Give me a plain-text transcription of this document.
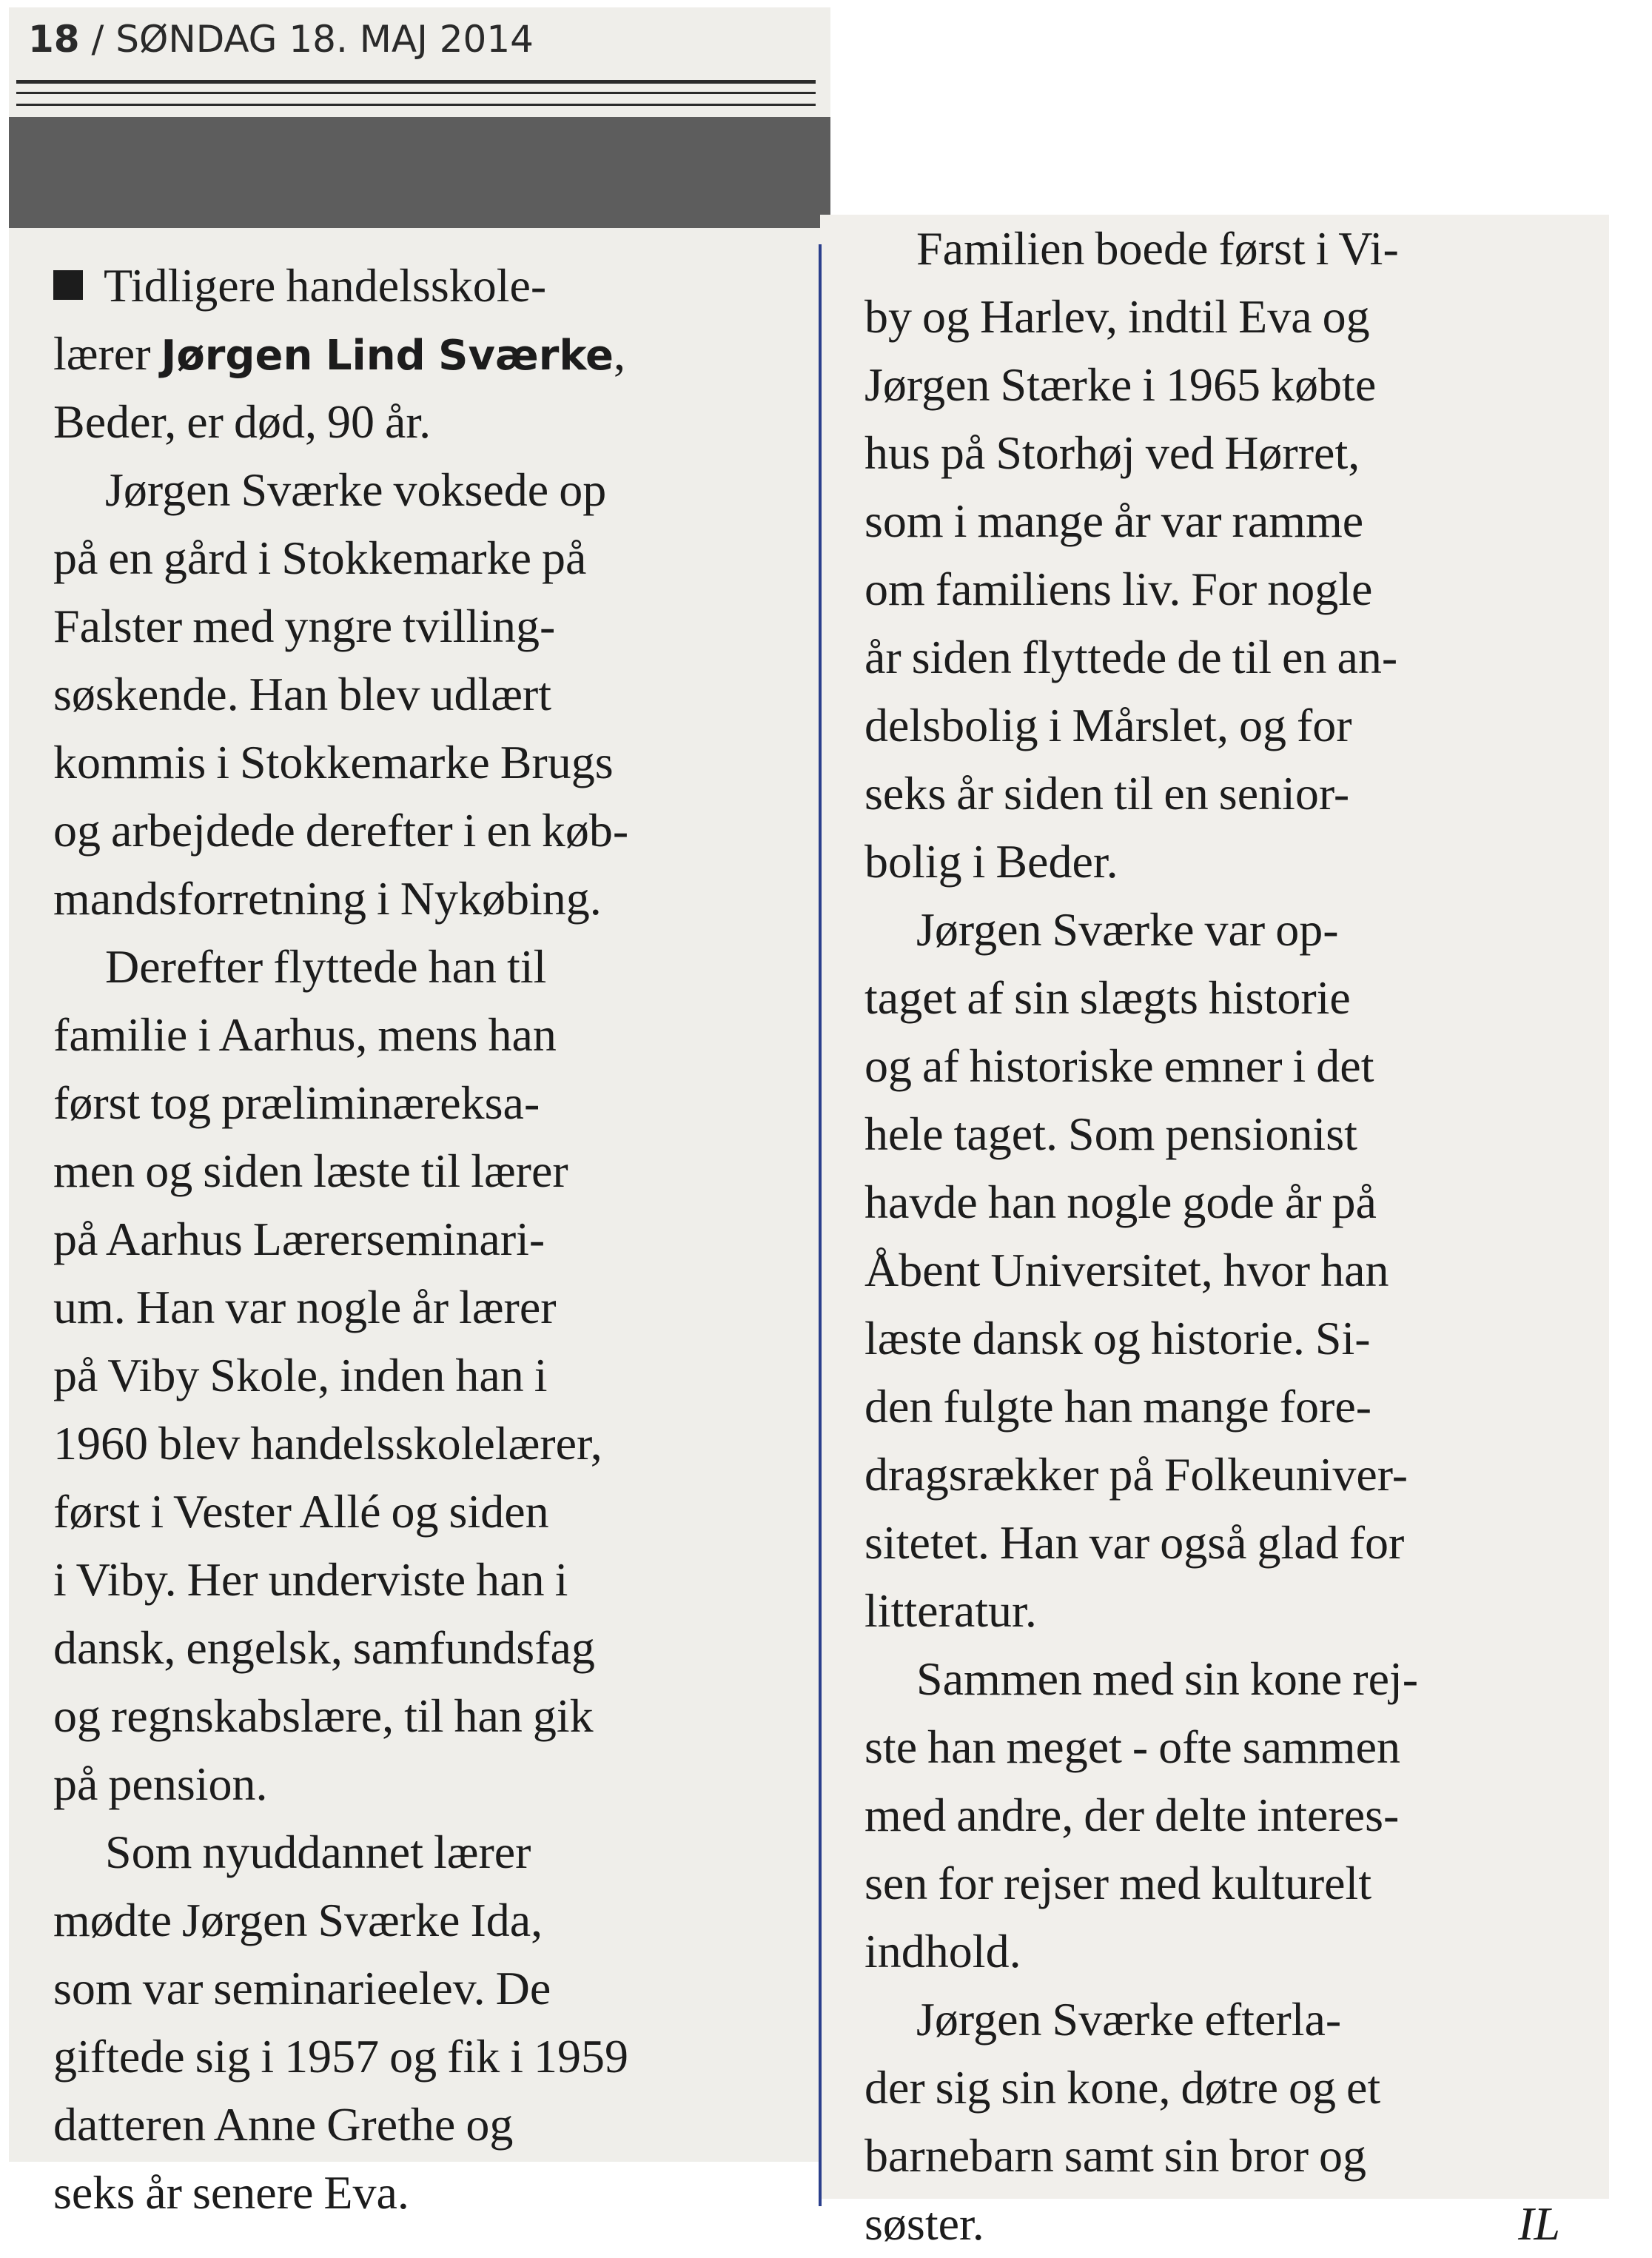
18 / SØNDAG 18. MAJ 2014
Tidligere handelsskole-
lærer Jørgen Lind Sværke,
Beder, er død, 90 år.
Jørgen Sværke voksede op
på en gård i Stokkemarke på
Falster med yngre tvilling-
søskende. Han blev udlært
kommis i Stokkemarke Brugs
og arbejdede derefter i en køb-
mandsforretning i Nykøbing.
Derefter flyttede han til
familie i Aarhus, mens han
først tog præliminæreksa-
men og siden læste til lærer
på Aarhus Lærerseminari-
um. Han var nogle år lærer
på Viby Skole, inden han i
1960 blev handelsskolelærer,
først i Vester Allé og siden
i Viby. Her underviste han i
dansk, engelsk, samfundsfag
og regnskabslære, til han gik
på pension.
Som nyuddannet lærer
mødte Jørgen Sværke Ida,
som var seminarieelev. De
giftede sig i 1957 og fik i 1959
datteren Anne Grethe og
seks år senere Eva.
Familien boede først i Vi-
by og Harlev, indtil Eva og
Jørgen Stærke i 1965 købte
hus på Storhøj ved Hørret,
som i mange år var ramme
om familiens liv. For nogle
år siden flyttede de til en an-
delsbolig i Mårslet, og for
seks år siden til en senior-
bolig i Beder.
Jørgen Sværke var op-
taget af sin slægts historie
og af historiske emner i det
hele taget. Som pensionist
havde han nogle gode år på
Åbent Universitet, hvor han
læste dansk og historie. Si-
den fulgte han mange fore-
dragsrækker på Folkeuniver-
sitetet. Han var også glad for
litteratur.
Sammen med sin kone rej-
ste han meget - ofte sammen
med andre, der delte interes-
sen for rejser med kulturelt
indhold.
Jørgen Sværke efterla-
der sig sin kone, døtre og et
barnebarn samt sin bror og
søster.	IL
